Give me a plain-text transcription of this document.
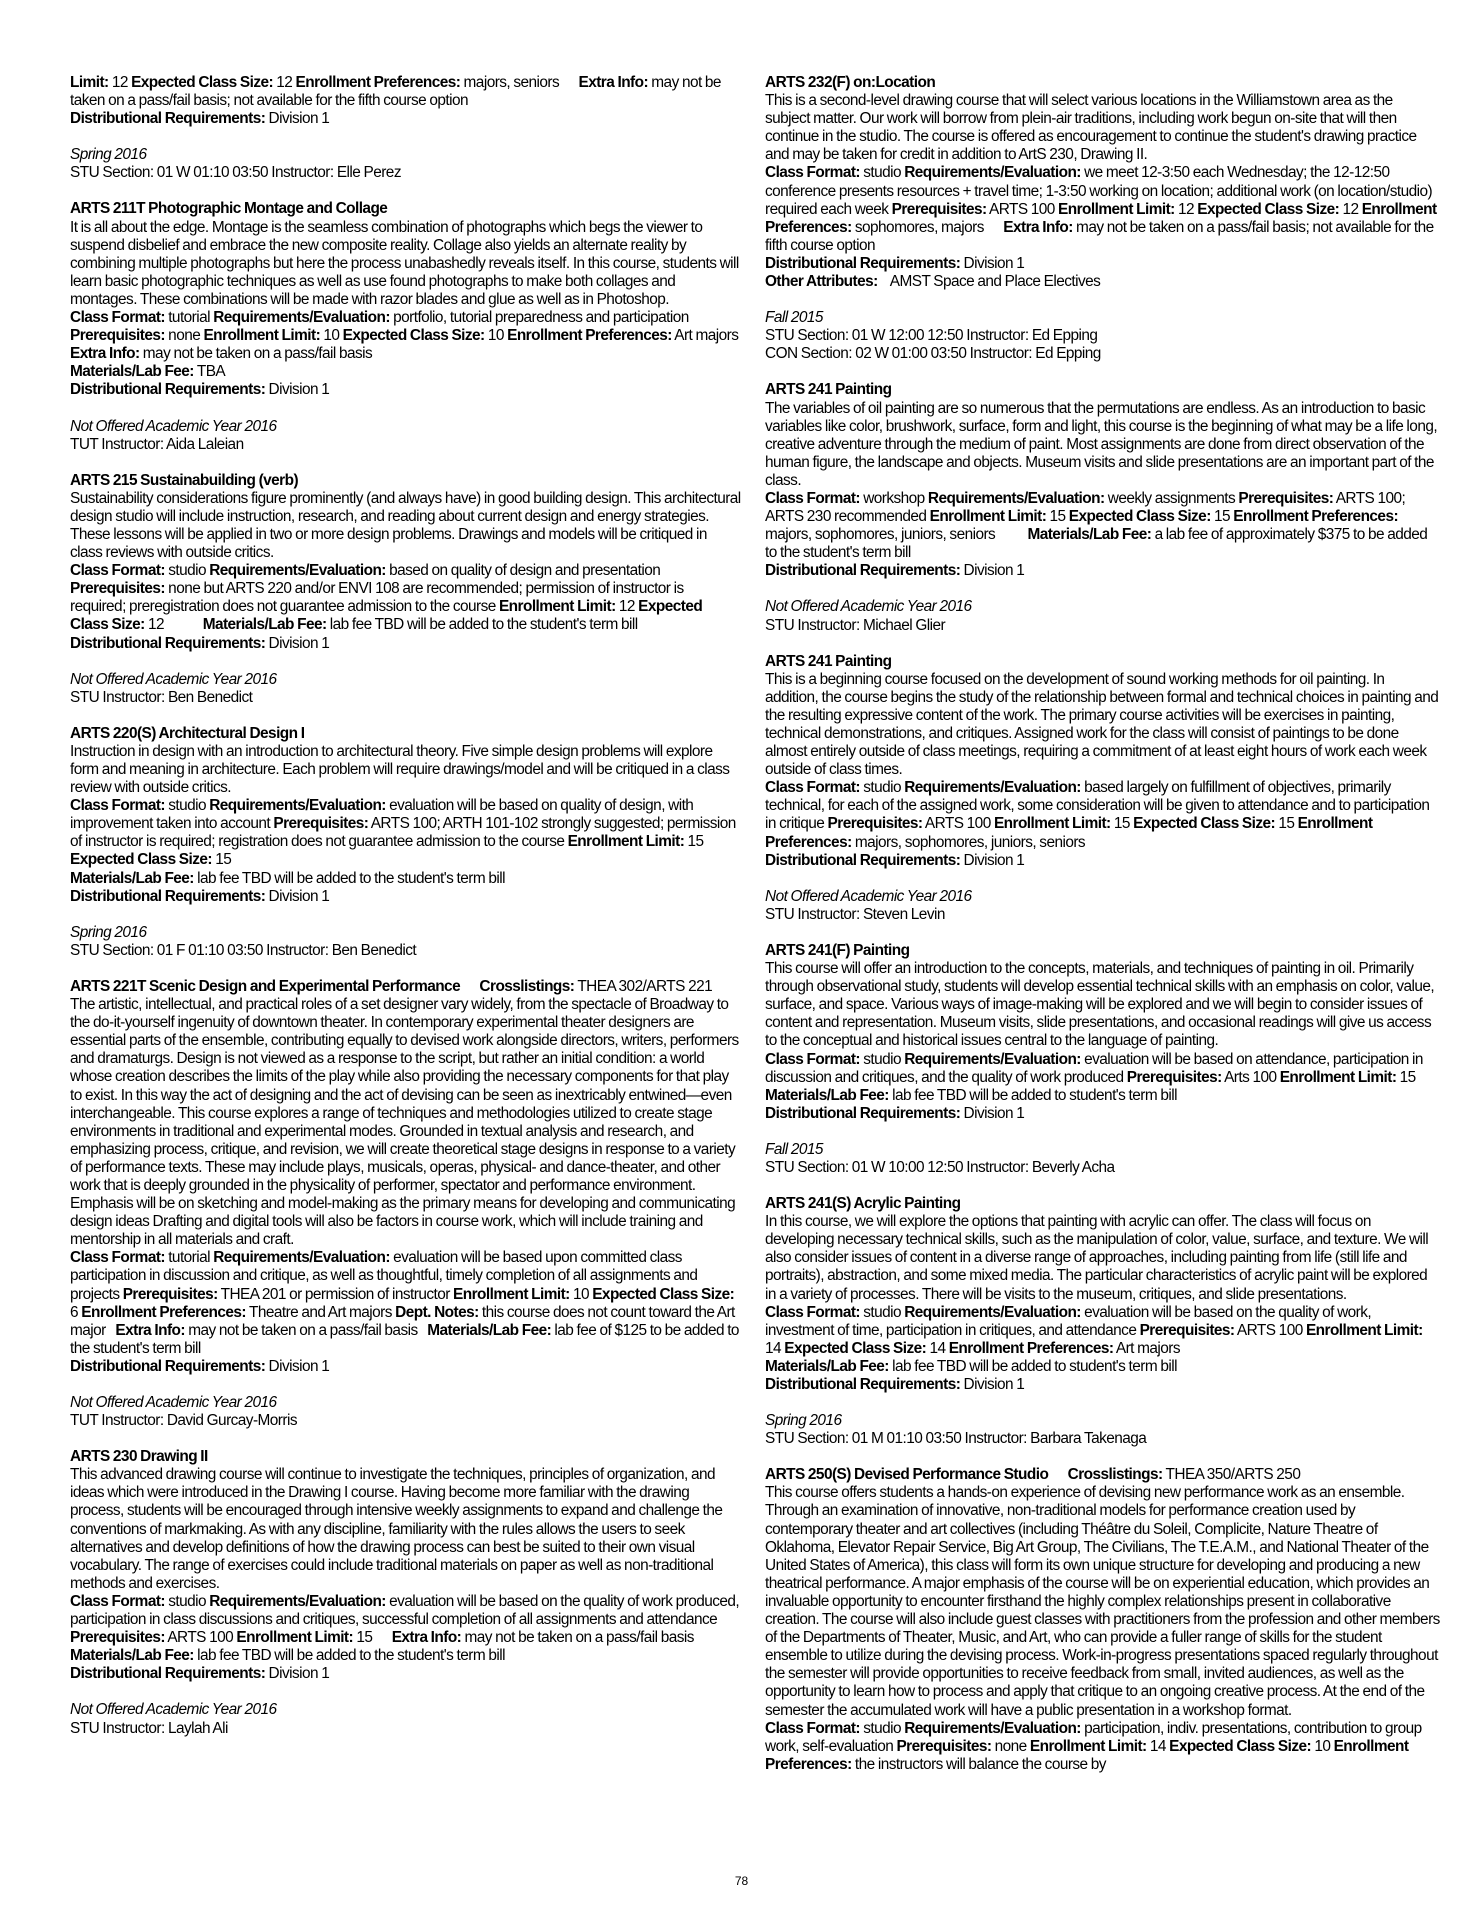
Limit: 12 Expected Class Size: 12 Enrollment Preferences: majors, seniors      Extra Info: may not be taken on a pass/fail basis; not available for the fifth course option

Distributional Requirements: Division 1

Spring 2016

STU Section: 01 W 01:10 03:50 Instructor: Elle Perez

ARTS 211T Photographic Montage and Collage

It is all about the edge. Montage is the seamless combination of photographs which begs the viewer to suspend disbelief and embrace the new composite reality. Collage also yields an alternate reality by combining multiple photographs but here the process unabashedly reveals itself. In this course, students will learn basic photographic techniques as well as use found photographs to make both collages and montages. These combinations will be made with razor blades and glue as well as in Photoshop.

Class Format: tutorial Requirements/Evaluation: portfolio, tutorial preparedness and participation Prerequisites: none Enrollment Limit: 10 Expected Class Size: 10 Enrollment Preferences: Art majors      Extra Info: may not be taken on a pass/fail basis

Materials/Lab Fee: TBA

Distributional Requirements: Division 1

Not Offered Academic Year 2016

TUT Instructor: Aida Laleian

ARTS 215 Sustainabuilding (verb)

Sustainability considerations figure prominently (and always have) in good building design. This architectural design studio will include instruction, research, and reading about current design and energy strategies. These lessons will be applied in two or more design problems. Drawings and models will be critiqued in class reviews with outside critics.

Class Format: studio Requirements/Evaluation: based on quality of design and presentation Prerequisites: none but ARTS 220 and/or ENVI 108 are recommended; permission of instructor is required; preregistration does not guarantee admission to the course Enrollment Limit: 12 Expected Class Size: 12            Materials/Lab Fee: lab fee TBD will be added to the student's term bill

Distributional Requirements: Division 1

Not Offered Academic Year 2016

STU Instructor: Ben Benedict

ARTS 220(S) Architectural Design I

Instruction in design with an introduction to architectural theory. Five simple design problems will explore form and meaning in architecture. Each problem will require drawings/model and will be critiqued in a class review with outside critics.

Class Format: studio Requirements/Evaluation: evaluation will be based on quality of design, with improvement taken into account Prerequisites: ARTS 100; ARTH 101-102 strongly suggested; permission of instructor is required; registration does not guarantee admission to the course Enrollment Limit: 15 Expected Class Size: 15

Materials/Lab Fee: lab fee TBD will be added to the student's term bill

Distributional Requirements: Division 1

Spring 2016

STU Section: 01 F 01:10 03:50 Instructor: Ben Benedict

ARTS 221T Scenic Design and Experimental Performance      Crosslistings: THEA 302/ARTS 221

The artistic, intellectual, and practical roles of a set designer vary widely, from the spectacle of Broadway to the do-it-yourself ingenuity of downtown theater. In contemporary experimental theater designers are essential parts of the ensemble, contributing equally to devised work alongside directors, writers, performers and dramaturgs. Design is not viewed as a response to the script, but rather an initial condition: a world whose creation describes the limits of the play while also providing the necessary components for that play to exist. In this way the act of designing and the act of devising can be seen as inextricably entwined—even interchangeable. This course explores a range of techniques and methodologies utilized to create stage environments in traditional and experimental modes. Grounded in textual analysis and research, and emphasizing process, critique, and revision, we will create theoretical stage designs in response to a variety of performance texts. These may include plays, musicals, operas, physical- and dance-theater, and other work that is deeply grounded in the physicality of performer, spectator and performance environment. Emphasis will be on sketching and model-making as the primary means for developing and communicating design ideas Drafting and digital tools will also be factors in course work, which will include training and mentorship in all materials and craft.

Class Format: tutorial Requirements/Evaluation: evaluation will be based upon committed class participation in discussion and critique, as well as thoughtful, timely completion of all assignments and projects Prerequisites: THEA 201 or permission of instructor Enrollment Limit: 10 Expected Class Size: 6 Enrollment Preferences: Theatre and Art majors Dept. Notes: this course does not count toward the Art major   Extra Info: may not be taken on a pass/fail basis   Materials/Lab Fee: lab fee of $125 to be added to the student's term bill

Distributional Requirements: Division 1

Not Offered Academic Year 2016

TUT Instructor: David Gurcay-Morris

ARTS 230 Drawing II

This advanced drawing course will continue to investigate the techniques, principles of organization, and ideas which were introduced in the Drawing I course. Having become more familiar with the drawing process, students will be encouraged through intensive weekly assignments to expand and challenge the conventions of markmaking. As with any discipline, familiarity with the rules allows the users to seek alternatives and develop definitions of how the drawing process can best be suited to their own visual vocabulary. The range of exercises could include traditional materials on paper as well as non-traditional methods and exercises.

Class Format: studio Requirements/Evaluation: evaluation will be based on the quality of work produced, participation in class discussions and critiques, successful completion of all assignments and attendance Prerequisites: ARTS 100 Enrollment Limit: 15      Extra Info: may not be taken on a pass/fail basis   Materials/Lab Fee: lab fee TBD will be added to the student's term bill

Distributional Requirements: Division 1

Not Offered Academic Year 2016

STU Instructor: Laylah Ali

ARTS 232(F) on:Location

This is a second-level drawing course that will select various locations in the Williamstown area as the subject matter. Our work will borrow from plein-air traditions, including work begun on-site that will then continue in the studio. The course is offered as encouragement to continue the student's drawing practice and may be taken for credit in addition to ArtS 230, Drawing II.

Class Format: studio Requirements/Evaluation: we meet 12-3:50 each Wednesday; the 12-12:50 conference presents resources + travel time; 1-3:50 working on location; additional work (on location/studio) required each week Prerequisites: ARTS 100 Enrollment Limit: 12 Expected Class Size: 12 Enrollment Preferences: sophomores, majors      Extra Info: may not be taken on a pass/fail basis; not available for the fifth course option

Distributional Requirements: Division 1

Other Attributes:    AMST Space and Place Electives

Fall 2015

STU Section: 01 W 12:00 12:50 Instructor: Ed Epping

CON Section: 02 W 01:00 03:50 Instructor: Ed Epping

ARTS 241 Painting

The variables of oil painting are so numerous that the permutations are endless. As an introduction to basic variables like color, brushwork, surface, form and light, this course is the beginning of what may be a life long, creative adventure through the medium of paint. Most assignments are done from direct observation of the human figure, the landscape and objects. Museum visits and slide presentations are an important part of the class.

Class Format: workshop Requirements/Evaluation: weekly assignments Prerequisites: ARTS 100; ARTS 230 recommended Enrollment Limit: 15 Expected Class Size: 15 Enrollment Preferences: majors, sophomores, juniors, seniors          Materials/Lab Fee: a lab fee of approximately $375 to be added to the student's term bill

Distributional Requirements: Division 1

Not Offered Academic Year 2016

STU Instructor: Michael Glier

ARTS 241 Painting

This is a beginning course focused on the development of sound working methods for oil painting. In addition, the course begins the study of the relationship between formal and technical choices in painting and the resulting expressive content of the work. The primary course activities will be exercises in painting, technical demonstrations, and critiques. Assigned work for the class will consist of paintings to be done almost entirely outside of class meetings, requiring a commitment of at least eight hours of work each week outside of class times.

Class Format: studio Requirements/Evaluation: based largely on fulfillment of objectives, primarily technical, for each of the assigned work, some consideration will be given to attendance and to participation in critique Prerequisites: ARTS 100 Enrollment Limit: 15 Expected Class Size: 15 Enrollment Preferences: majors, sophomores, juniors, seniors

Distributional Requirements: Division 1

Not Offered Academic Year 2016

STU Instructor: Steven Levin

ARTS 241(F) Painting

This course will offer an introduction to the concepts, materials, and techniques of painting in oil. Primarily through observational study, students will develop essential technical skills with an emphasis on color, value, surface, and space. Various ways of image-making will be explored and we will begin to consider issues of content and representation. Museum visits, slide presentations, and occasional readings will give us access to the conceptual and historical issues central to the language of painting.

Class Format: studio Requirements/Evaluation: evaluation will be based on attendance, participation in discussion and critiques, and the quality of work produced Prerequisites: Arts 100 Enrollment Limit: 15               Materials/Lab Fee: lab fee TBD will be added to student's term bill

Distributional Requirements: Division 1

Fall 2015

STU Section: 01 W 10:00 12:50 Instructor: Beverly Acha

ARTS 241(S) Acrylic Painting

In this course, we will explore the options that painting with acrylic can offer. The class will focus on developing necessary technical skills, such as the manipulation of color, value, surface, and texture. We will also consider issues of content in a diverse range of approaches, including painting from life (still life and portraits), abstraction, and some mixed media. The particular characteristics of acrylic paint will be explored in a variety of processes. There will be visits to the museum, critiques, and slide presentations.

Class Format: studio Requirements/Evaluation: evaluation will be based on the quality of work, investment of time, participation in critiques, and attendance Prerequisites: ARTS 100 Enrollment Limit: 14 Expected Class Size: 14 Enrollment Preferences: Art majors

Materials/Lab Fee: lab fee TBD will be added to student's term bill

Distributional Requirements: Division 1

Spring 2016

STU Section: 01 M 01:10 03:50 Instructor: Barbara Takenaga

ARTS 250(S) Devised Performance Studio      Crosslistings: THEA 350/ARTS 250

This course offers students a hands-on experience of devising new performance work as an ensemble. Through an examination of innovative, non-traditional models for performance creation used by contemporary theater and art collectives (including Théâtre du Soleil, Complicite, Nature Theatre of Oklahoma, Elevator Repair Service, Big Art Group, The Civilians, The T.E.A.M., and National Theater of the United States of America), this class will form its own unique structure for developing and producing a new theatrical performance. A major emphasis of the course will be on experiential education, which provides an invaluable opportunity to encounter firsthand the highly complex relationships present in collaborative creation. The course will also include guest classes with practitioners from the profession and other members of the Departments of Theater, Music, and Art, who can provide a fuller range of skills for the student ensemble to utilize during the devising process. Work-in-progress presentations spaced regularly throughout the semester will provide opportunities to receive feedback from small, invited audiences, as well as the opportunity to learn how to process and apply that critique to an ongoing creative process. At the end of the semester the accumulated work will have a public presentation in a workshop format.

Class Format: studio Requirements/Evaluation: participation, indiv. presentations, contribution to group work, self-evaluation Prerequisites: none Enrollment Limit: 14 Expected Class Size: 10 Enrollment Preferences: the instructors will balance the course by

78
